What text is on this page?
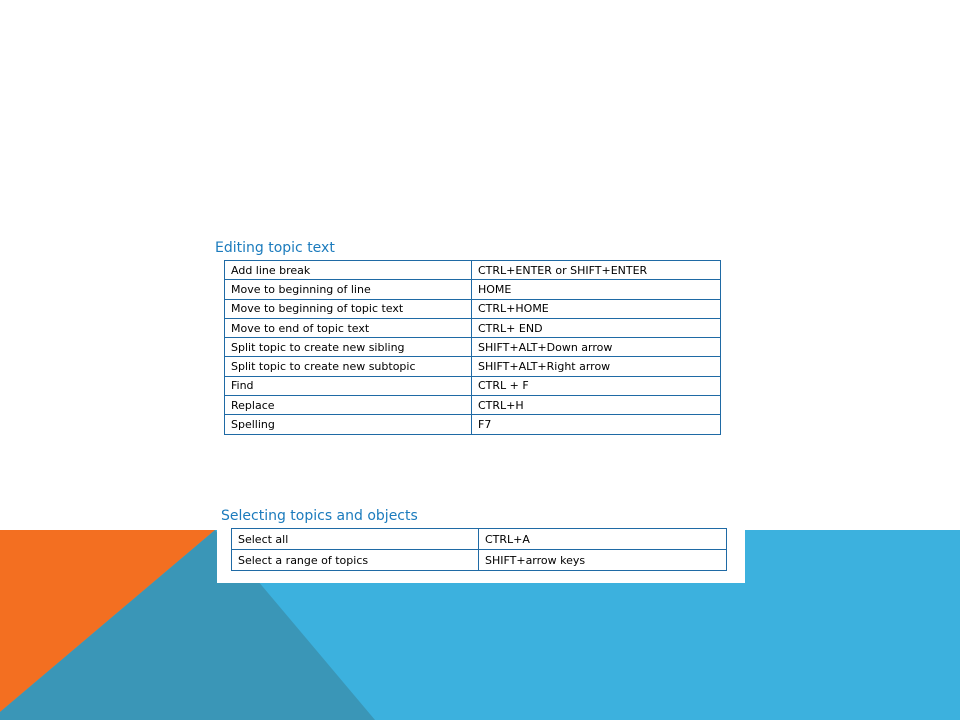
Editing topic text
Add line break	CTRL+ENTER or SHIFT+ENTER
Move to beginning of line	HOME
Move to beginning of topic text	CTRL+HOME
Move to end of topic text	CTRL+ END
Split topic to create new sibling	SHIFT+ALT+Down arrow
Split topic to create new subtopic	SHIFT+ALT+Right arrow
Find	CTRL + F
Replace	CTRL+H
Spelling	F7
Selecting topics and objects
Select all	CTRL+A
Select a range of topics	SHIFT+arrow keys
